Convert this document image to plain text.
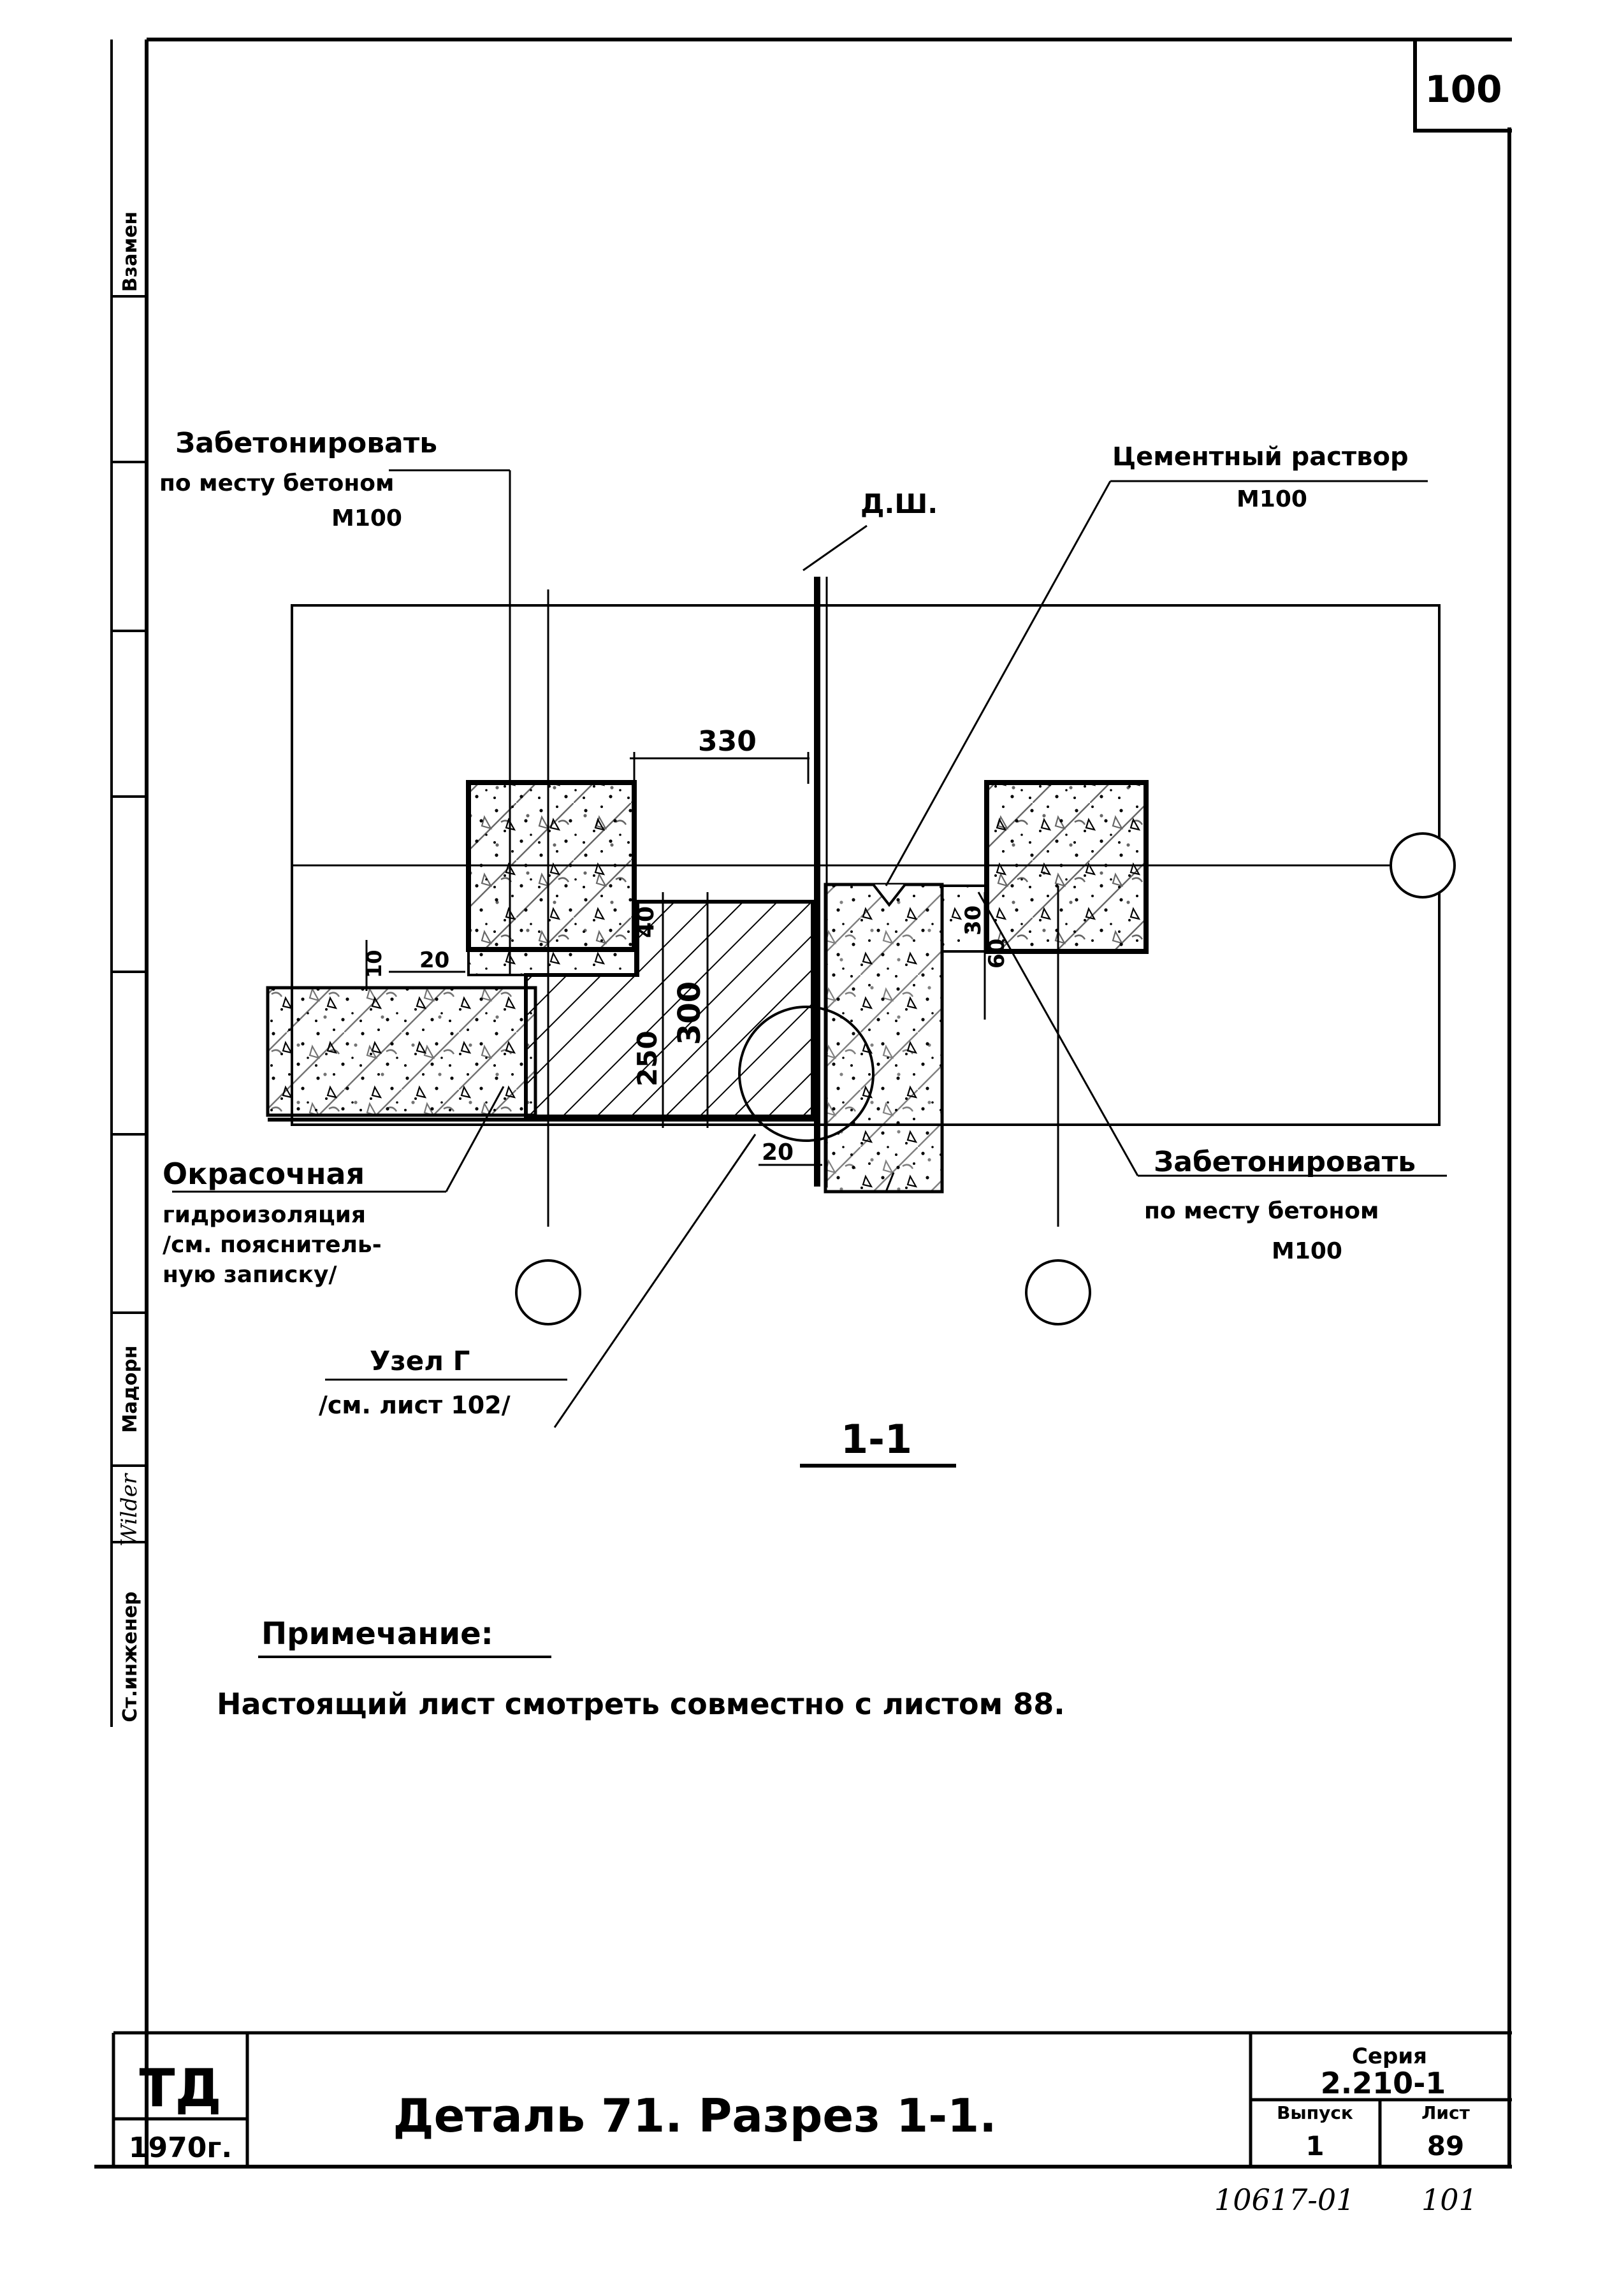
100
Взамен
Ст.инженер
Wilder
Мадорн
330
40
20
10
250
300
30
60
20
Забетонировать
по месту бетоном
М100	Д.Ш.
Цементный раствор
М100
Забетонировать
по месту бетоном
М100
Окрасочная
гидроизоляция
/см. пояснитель-
ную записку/
Узел Г
/см. лист 102/
1-1
Примечание:
Настоящий лист смотреть совместно с листом 88.
ТД
1970г.
Деталь 71. Разрез 1-1.
Серия
2.210-1
Выпуск
1
Лист
89
10617-01 101
